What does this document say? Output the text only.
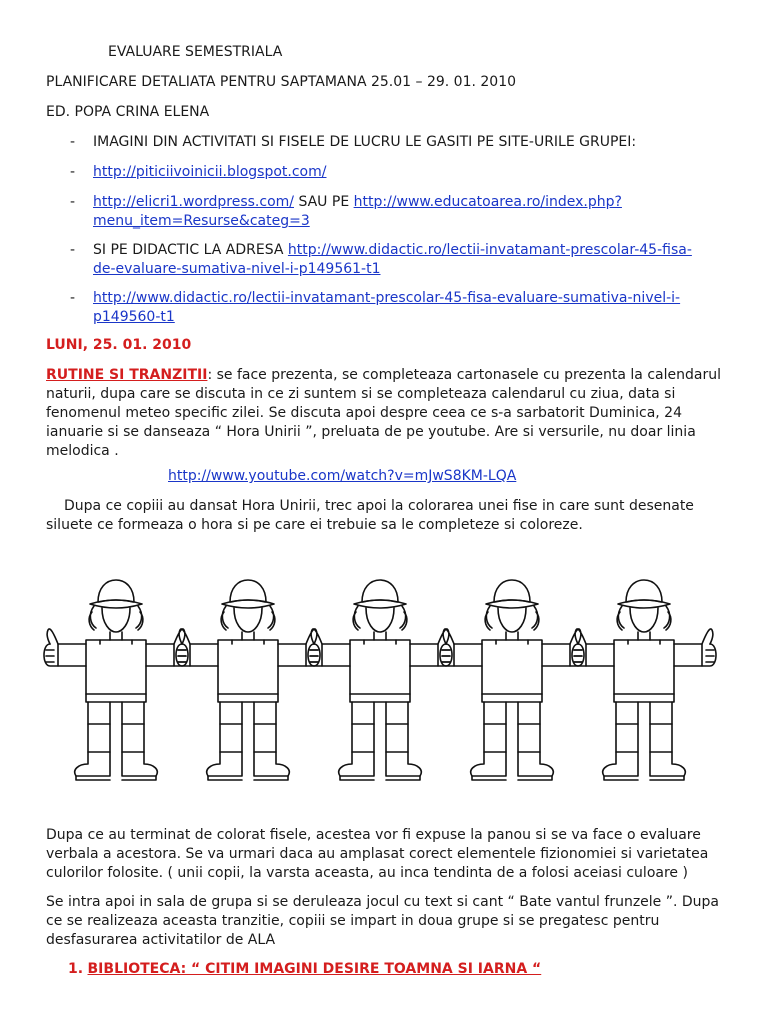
EVALUARE SEMESTRIALA

PLANIFICARE DETALIATA PENTRU SAPTAMANA 25.01 – 29. 01. 2010

ED. POPA CRINA ELENA

- IMAGINI DIN ACTIVITATI SI FISELE DE LUCRU LE GASITI PE SITE-URILE GRUPEI:

- http://piticiivoinicii.blogspot.com/

- http://elicri1.wordpress.com/ SAU PE http://www.educatoarea.ro/index.php?

menu_item=Resurse&categ=3

- SI PE DIDACTIC LA ADRESA http://www.didactic.ro/lectii-invatamant-prescolar-45-fisa-

de-evaluare-sumativa-nivel-i-p149561-t1

- http://www.didactic.ro/lectii-invatamant-prescolar-45-fisa-evaluare-sumativa-nivel-i-

p149560-t1

LUNI, 25. 01. 2010

RUTINE SI TRANZITII: se face prezenta, se completeaza cartonasele cu prezenta la calendarul naturii, dupa care se discuta in ce zi suntem si se completeaza calendarul cu ziua, data si fenomenul meteo specific zilei. Se discuta apoi despre ceea ce s-a sarbatorit Duminica, 24 ianuarie si se danseaza “ Hora Unirii ”, preluata de pe youtube. Are si versurile, nu doar linia melodica .

http://www.youtube.com/watch?v=mJwS8KM-LQA

Dupa ce copiii au dansat Hora Unirii, trec apoi la colorarea unei fise in care sunt desenate siluete ce formeaza o hora si pe care ei trebuie sa le completeze si coloreze.

Dupa ce au terminat de colorat fisele, acestea vor fi expuse la panou si se va face o evaluare verbala a acestora. Se va urmari daca au amplasat corect elementele fizionomiei si varietatea culorilor folosite. ( unii copii, la varsta aceasta, au inca tendinta de a folosi aceiasi culoare )

Se intra apoi in sala de grupa si se deruleaza jocul cu text si cant “ Bate vantul frunzele ”. Dupa ce se realizeaza aceasta tranzitie, copiii se impart in doua grupe si se pregatesc pentru desfasurarea activitatilor de ALA

1. BIBLIOTECA: “ CITIM IMAGINI DESIRE TOAMNA SI IARNA “
